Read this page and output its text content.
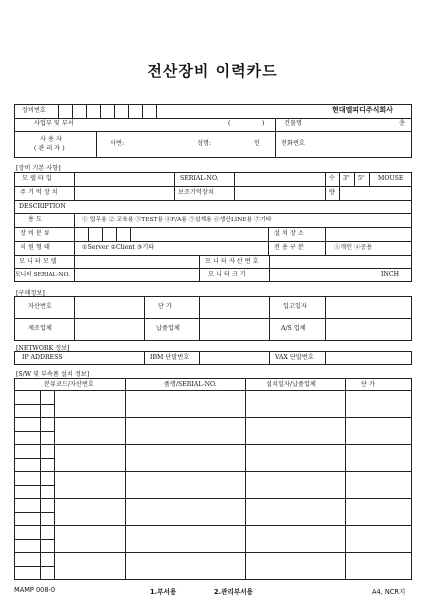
전산장비 이력카드
장비번호	현대엘피디주식회사
사업부 및 부서	(	)	건물명	층
사 용 자
( 관 리 자 )
사번:	성명:	인	전화번호
[장비 기본 사항]
모 델 타 입	SERIAL-NO.	수 3" 5" MOUSE
주 기 억 장 치	보조기억장치	량
DESCRIPTION
용 도	① 업무용 ② 교육용 ③TEST용 ④F/A용 ⑤설계용 ⑥생산LINE용 ⑦기타
장 비 분 류	설 치 장 소
지 원 형 태	①Server ②Client ③기타	전 용 구 분	①개인 ②공용
모 니 터 모 델	모 니 터 자 산 번 호
모니터 SERIAL-NO.	모 니 터 크 기	INCH
[구매정보]
자산번호	단 가	입고일자
제조업체	납품업체	A/S 업체
[NETWORK 정보]
IP ADDRESS	IBM 단말번호	VAX 단말번호
[S/W 및 부속품 설치 정보]
분류코드/자산번호	품명/SERIAL-NO.	설치일자/납품업체	단 가
MAMP 008-0	1.부서용	2.관리부서용	A4, NCR지
